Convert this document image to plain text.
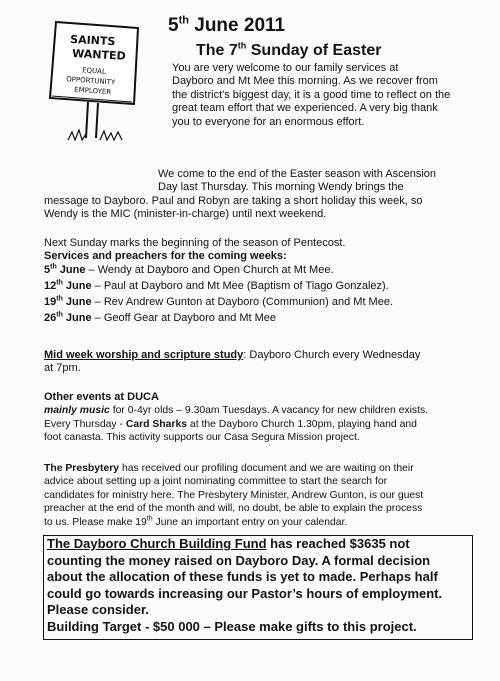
SAINTS
WANTED
EQUAL
OPPORTUNITY
EMPLOYER
5th June 2011
The 7th Sunday of Easter

You are very welcome to our family services at

Dayboro and Mt Mee this morning. As we recover from

the district's biggest day, it is a good time to reflect on the

great team effort that we experienced. A very big thank

you to everyone for an enormous effort.

We come to the end of the Easter season with Ascension

Day last Thursday. This morning Wendy brings the

message to Dayboro. Paul and Robyn are taking a short holiday this week, so

Wendy is the MIC (minister-in-charge) until next weekend.

Next Sunday marks the beginning of the season of Pentecost.

Services and preachers for the coming weeks:

5th June – Wendy at Dayboro and Open Church at Mt Mee.

12th June – Paul at Dayboro and Mt Mee (Baptism of Tiago Gonzalez).

19th June – Rev Andrew Gunton at Dayboro (Communion) and Mt Mee.

26th June – Geoff Gear at Dayboro and Mt Mee

Mid week worship and scripture study: Dayboro Church every Wednesday

at 7pm.

Other events at DUCA

mainly music for 0-4yr olds – 9.30am Tuesdays. A vacancy for new children exists.

Every Thursday - Card Sharks at the Dayboro Church 1.30pm, playing hand and

foot canasta. This activity supports our Casa Segura Mission project.

The Presbytery has received our profiling document and we are waiting on their

advice about setting up a joint nominating committee to start the search for

candidates for ministry here. The Presbytery Minister, Andrew Gunton, is our guest

preacher at the end of the month and will, no doubt, be able to explain the process

to us. Please make 19th June an important entry on your calendar.

The Dayboro Church Building Fund has reached $3635 not
counting the money raised on Dayboro Day. A formal decision
about the allocation of these funds is yet to made. Perhaps half
could go towards increasing our Pastor’s hours of employment.
Please consider.
Building Target - $50 000 – Please make gifts to this project.
